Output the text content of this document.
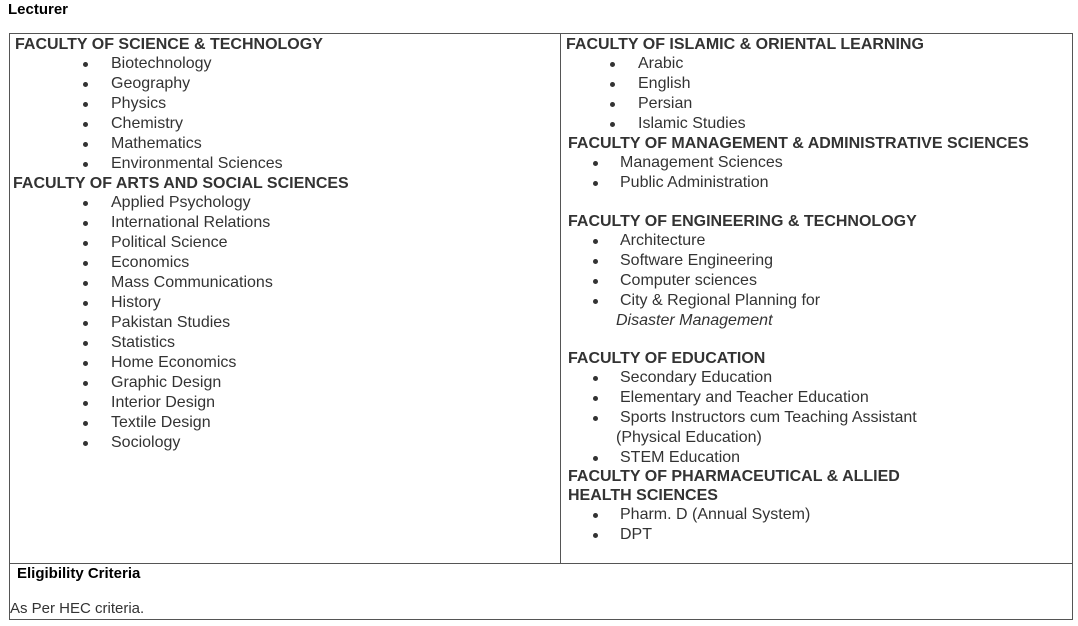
Lecturer
FACULTY OF SCIENCE & TECHNOLOGY
Biotechnology
Geography
Physics
Chemistry
Mathematics
Environmental Sciences
FACULTY OF ARTS AND SOCIAL SCIENCES
Applied Psychology
International Relations
Political Science
Economics
Mass Communications
History
Pakistan Studies
Statistics
Home Economics
Graphic Design
Interior Design
Textile Design
Sociology
FACULTY OF ISLAMIC & ORIENTAL LEARNING
Arabic
English
Persian
Islamic Studies
FACULTY OF MANAGEMENT & ADMINISTRATIVE SCIENCES
Management Sciences
Public Administration
FACULTY OF ENGINEERING & TECHNOLOGY
Architecture
Software Engineering
Computer sciences
City & Regional Planning for
Disaster Management
FACULTY OF EDUCATION
Secondary Education
Elementary and Teacher Education
Sports Instructors cum Teaching Assistant
(Physical Education)
STEM Education
FACULTY OF PHARMACEUTICAL & ALLIED
HEALTH SCIENCES
Pharm. D (Annual System)
DPT
Eligibility Criteria
As Per HEC criteria.
